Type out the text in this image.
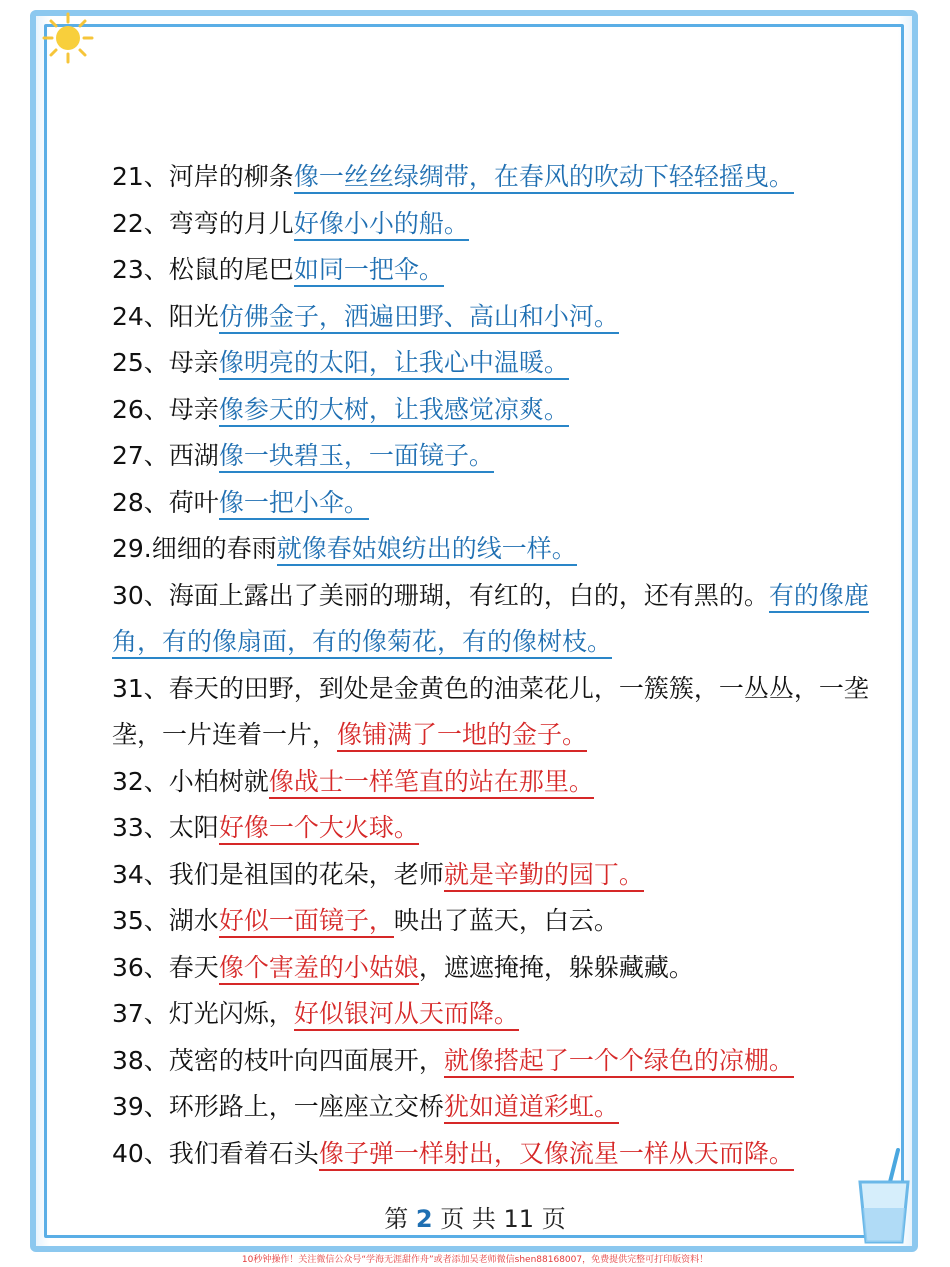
21、河岸的柳条像一丝丝绿绸带，在春风的吹动下轻轻摇曳。
22、弯弯的月儿好像小小的船。
23、松鼠的尾巴如同一把伞。
24、阳光仿佛金子，洒遍田野、高山和小河。
25、母亲像明亮的太阳，让我心中温暖。
26、母亲像参天的大树，让我感觉凉爽。
27、西湖像一块碧玉，一面镜子。
28、荷叶像一把小伞。
29.细细的春雨就像春姑娘纺出的线一样。
30、海面上露出了美丽的珊瑚，有红的，白的，还有黑的。有的像鹿角，有的像扇面，有的像菊花，有的像树枝。
31、春天的田野，到处是金黄色的油菜花儿，一簇簇，一丛丛，一垄垄，一片连着一片，像铺满了一地的金子。
32、小柏树就像战士一样笔直的站在那里。
33、太阳好像一个大火球。
34、我们是祖国的花朵，老师就是辛勤的园丁。
35、湖水好似一面镜子，映出了蓝天，白云。
36、春天像个害羞的小姑娘，遮遮掩掩，躲躲藏藏。
37、灯光闪烁，好似银河从天而降。
38、茂密的枝叶向四面展开，就像搭起了一个个绿色的凉棚。
39、环形路上，一座座立交桥犹如道道彩虹。
40、我们看着石头像子弹一样射出，又像流星一样从天而降。
第 2 页 共 11 页
10秒钟操作！关注微信公众号“学海无涯甜作舟”或者添加吴老师微信shen88168007，免费提供完整可打印版资料！
